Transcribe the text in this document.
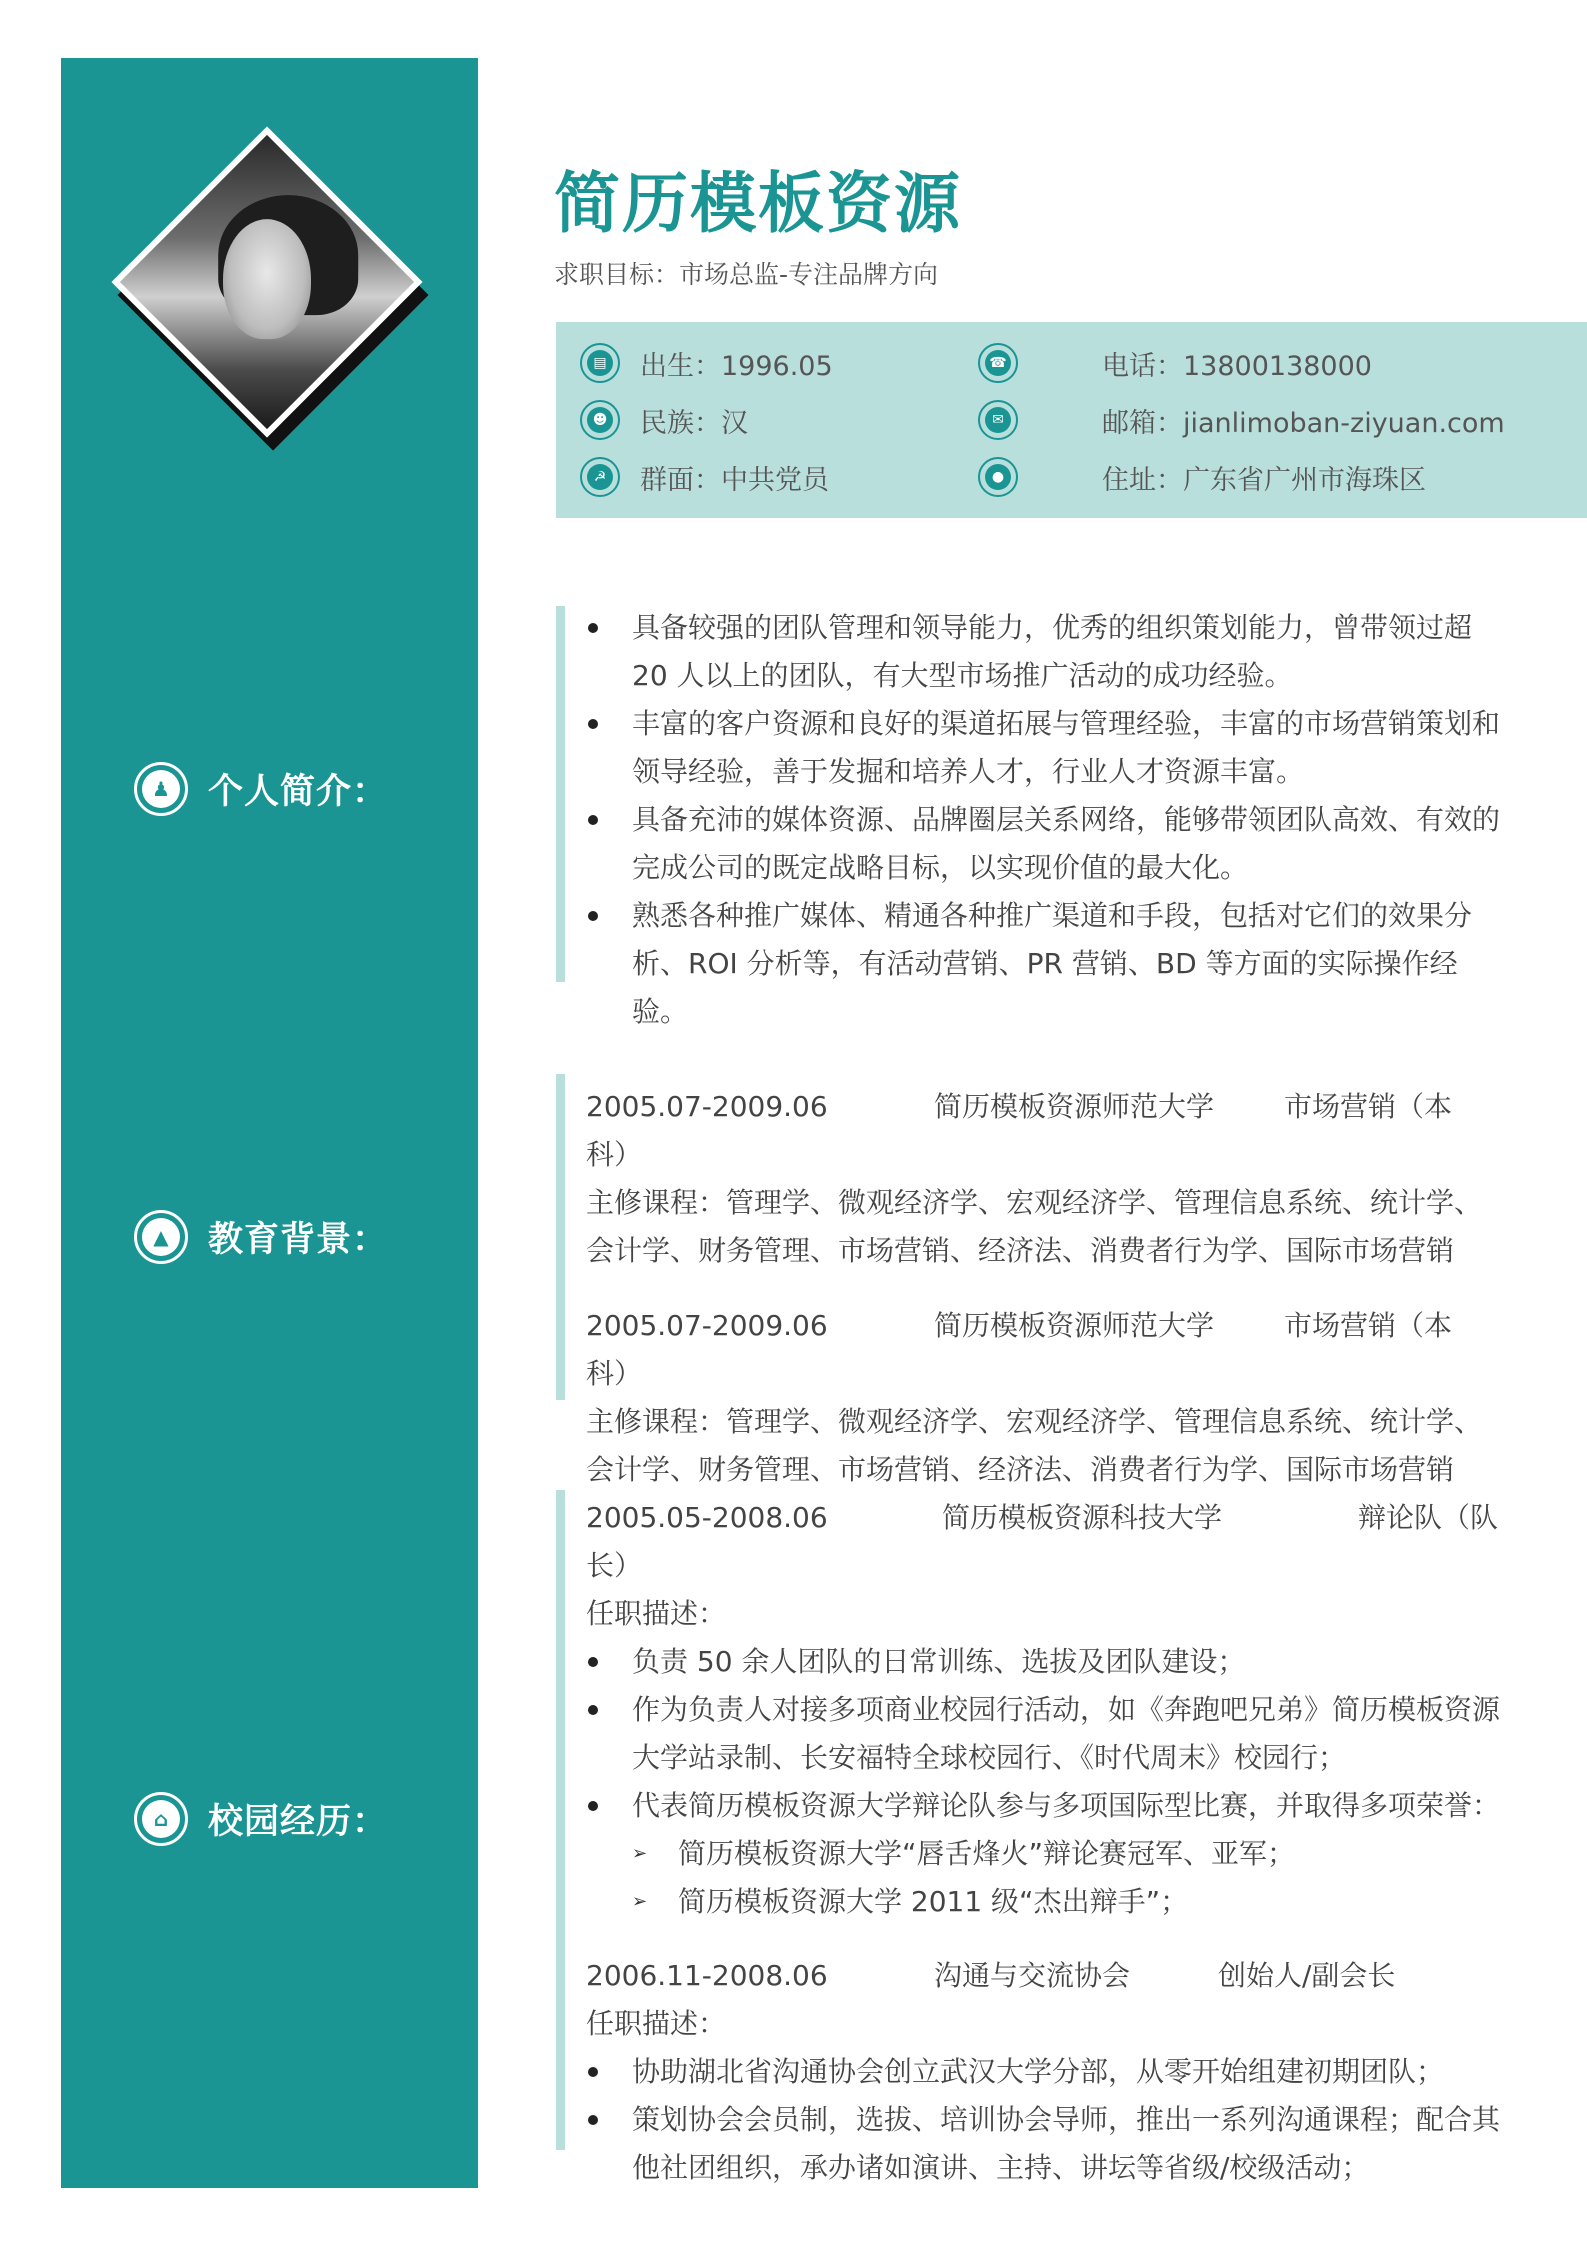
♟ 个人简介：
▲	教育背景：
⌂	校园经历：
简历模板资源
求职目标：市场总监-专注品牌方向
▤ 出生：1996.05	☎	电话：13800138000
☻ 民族：汉	✉	邮箱：jianlimoban-ziyuan.com
☭ 群面：中共党员	●	住址：广东省广州市海珠区
具备较强的团队管理和领导能力，优秀的组织策划能力，曾带领过超 20 人以上的团队，有大型市场推广活动的成功经验。
丰富的客户资源和良好的渠道拓展与管理经验，丰富的市场营销策划和领导经验，善于发掘和培养人才，行业人才资源丰富。
具备充沛的媒体资源、品牌圈层关系网络，能够带领团队高效、有效的完成公司的既定战略目标，以实现价值的最大化。
熟悉各种推广媒体、精通各种推广渠道和手段，包括对它们的效果分析、ROI 分析等，有活动营销、PR 营销、BD 等方面的实际操作经验。
2005.07-2009.06	简历模板资源师范大学	市场营销（本
科）
主修课程：管理学、微观经济学、宏观经济学、管理信息系统、统计学、会计学、财务管理、市场营销、经济法、消费者行为学、国际市场营销
2005.07-2009.06	简历模板资源师范大学	市场营销（本
科）
主修课程：管理学、微观经济学、宏观经济学、管理信息系统、统计学、会计学、财务管理、市场营销、经济法、消费者行为学、国际市场营销
2005.05-2008.06	简历模板资源科技大学	辩论队（队
长）
任职描述：
负责 50 余人团队的日常训练、选拔及团队建设；
作为负责人对接多项商业校园行活动，如《奔跑吧兄弟》简历模板资源大学站录制、长安福特全球校园行、《时代周末》校园行；
代表简历模板资源大学辩论队参与多项国际型比赛，并取得多项荣誉：
➢ 简历模板资源大学“唇舌烽火”辩论赛冠军、亚军；
➢ 简历模板资源大学 2011 级“杰出辩手”；
2006.11-2008.06	沟通与交流协会	创始人/副会长
任职描述：
协助湖北省沟通协会创立武汉大学分部，从零开始组建初期团队；
策划协会会员制，选拔、培训协会导师，推出一系列沟通课程；配合其他社团组织，承办诸如演讲、主持、讲坛等省级/校级活动；
